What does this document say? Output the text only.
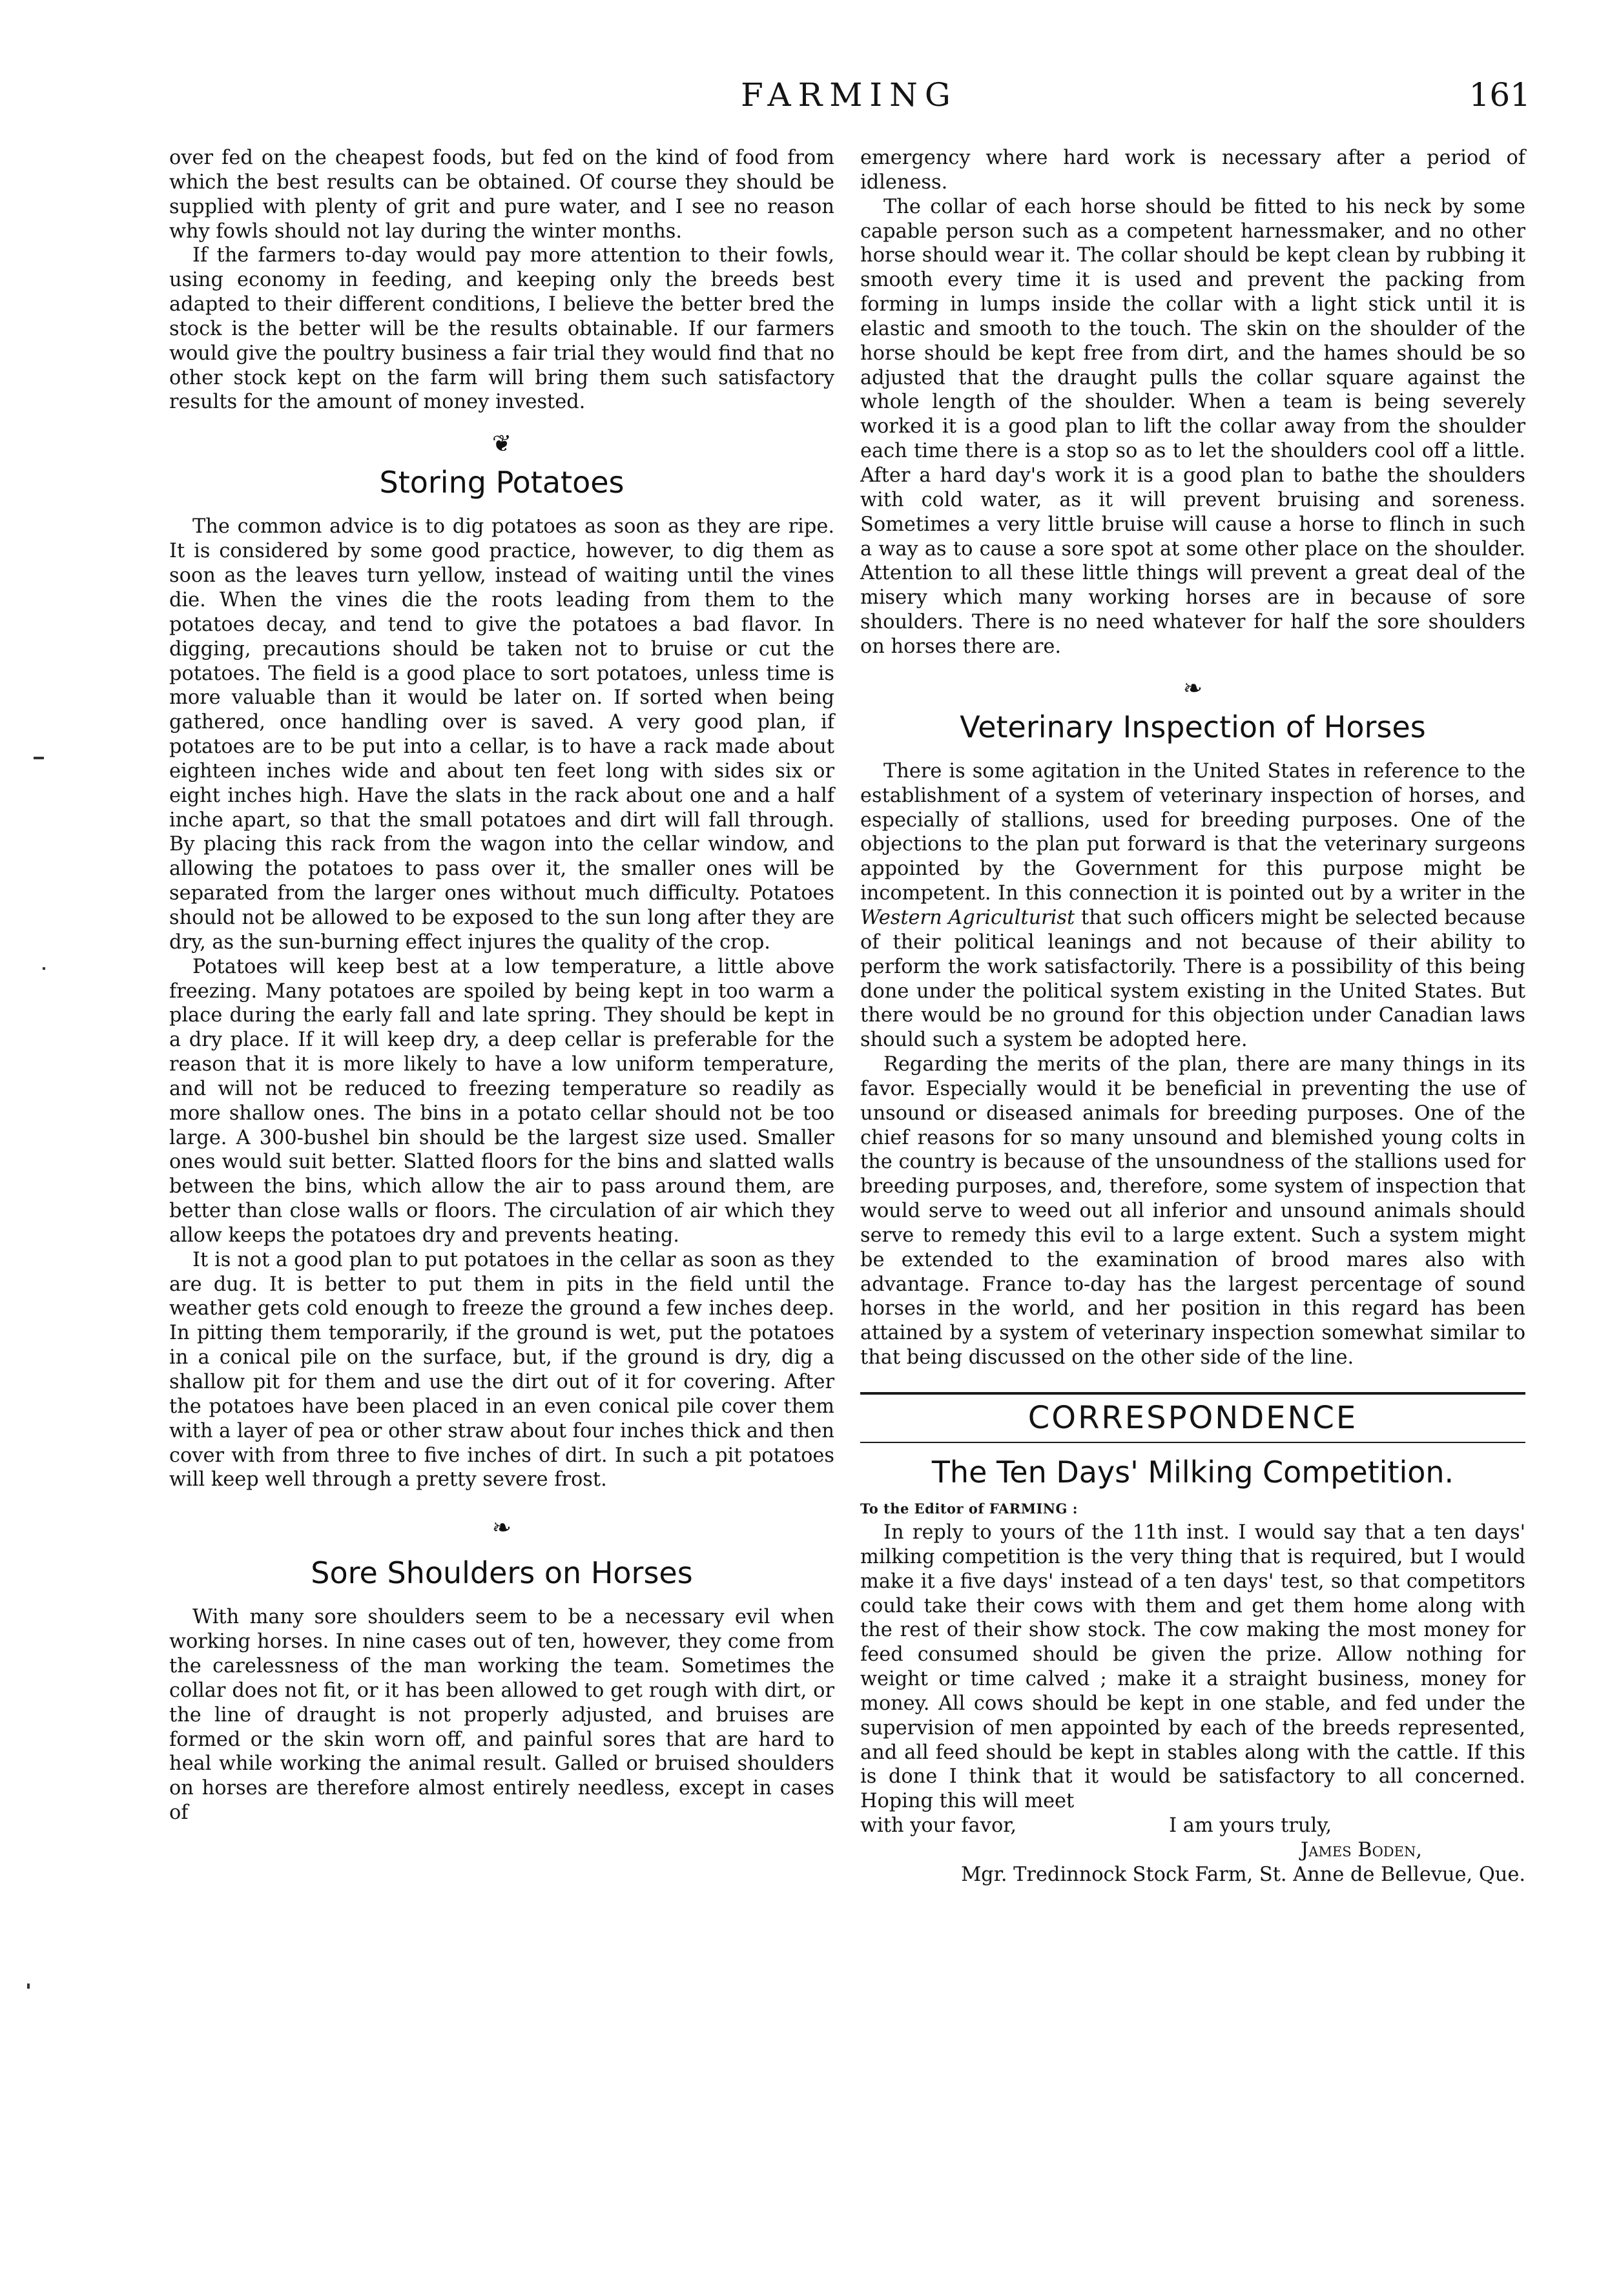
FARMING	161

over fed on the cheapest foods, but fed on the kind of food from which the best results can be obtained. Of course they should be supplied with plenty of grit and pure water, and I see no reason why fowls should not lay during the winter months.

If the farmers to-day would pay more attention to their fowls, using economy in feeding, and keeping only the breeds best adapted to their different conditions, I believe the better bred the stock is the better will be the results obtainable. If our farmers would give the poultry business a fair trial they would find that no other stock kept on the farm will bring them such satisfactory results for the amount of money invested.

❦
Storing Potatoes

The common advice is to dig potatoes as soon as they are ripe. It is considered by some good practice, however, to dig them as soon as the leaves turn yellow, instead of waiting until the vines die. When the vines die the roots leading from them to the potatoes decay, and tend to give the potatoes a bad flavor. In digging, precautions should be taken not to bruise or cut the potatoes. The field is a good place to sort potatoes, unless time is more valuable than it would be later on. If sorted when being gathered, once handling over is saved. A very good plan, if potatoes are to be put into a cellar, is to have a rack made about eighteen inches wide and about ten feet long with sides six or eight inches high. Have the slats in the rack about one and a half inche apart, so that the small potatoes and dirt will fall through. By placing this rack from the wagon into the cellar window, and allowing the potatoes to pass over it, the smaller ones will be separated from the larger ones without much difficulty. Potatoes should not be allowed to be exposed to the sun long after they are dry, as the sun-burning effect injures the quality of the crop.

Potatoes will keep best at a low temperature, a little above freezing. Many potatoes are spoiled by being kept in too warm a place during the early fall and late spring. They should be kept in a dry place. If it will keep dry, a deep cellar is preferable for the reason that it is more likely to have a low uniform temperature, and will not be reduced to freezing temperature so readily as more shallow ones. The bins in a potato cellar should not be too large. A 300-bushel bin should be the largest size used. Smaller ones would suit better. Slatted floors for the bins and slatted walls between the bins, which allow the air to pass around them, are better than close walls or floors. The circulation of air which they allow keeps the potatoes dry and prevents heating.

It is not a good plan to put potatoes in the cellar as soon as they are dug. It is better to put them in pits in the field until the weather gets cold enough to freeze the ground a few inches deep. In pitting them temporarily, if the ground is wet, put the potatoes in a conical pile on the surface, but, if the ground is dry, dig a shallow pit for them and use the dirt out of it for covering. After the potatoes have been placed in an even conical pile cover them with a layer of pea or other straw about four inches thick and then cover with from three to five inches of dirt. In such a pit potatoes will keep well through a pretty severe frost.

❧
Sore Shoulders on Horses

With many sore shoulders seem to be a necessary evil when working horses. In nine cases out of ten, however, they come from the carelessness of the man working the team. Sometimes the collar does not fit, or it has been allowed to get rough with dirt, or the line of draught is not properly adjusted, and bruises are formed or the skin worn off, and painful sores that are hard to heal while working the animal result. Galled or bruised shoulders on horses are therefore almost entirely needless, except in cases of

emergency where hard work is necessary after a period of idleness.

The collar of each horse should be fitted to his neck by some capable person such as a competent harnessmaker, and no other horse should wear it. The collar should be kept clean by rubbing it smooth every time it is used and prevent the packing from forming in lumps inside the collar with a light stick until it is elastic and smooth to the touch. The skin on the shoulder of the horse should be kept free from dirt, and the hames should be so adjusted that the draught pulls the collar square against the whole length of the shoulder. When a team is being severely worked it is a good plan to lift the collar away from the shoulder each time there is a stop so as to let the shoulders cool off a little. After a hard day's work it is a good plan to bathe the shoulders with cold water, as it will prevent bruising and soreness. Sometimes a very little bruise will cause a horse to flinch in such a way as to cause a sore spot at some other place on the shoulder. Attention to all these little things will prevent a great deal of the misery which many working horses are in because of sore shoulders. There is no need whatever for half the sore shoulders on horses there are.

❧
Veterinary Inspection of Horses

There is some agitation in the United States in reference to the establishment of a system of veterinary inspection of horses, and especially of stallions, used for breeding purposes. One of the objections to the plan put forward is that the veterinary surgeons appointed by the Government for this purpose might be incompetent. In this connection it is pointed out by a writer in the Western Agriculturist that such officers might be selected because of their political leanings and not because of their ability to perform the work satisfactorily. There is a possibility of this being done under the political system existing in the United States. But there would be no ground for this objection under Canadian laws should such a system be adopted here.

Regarding the merits of the plan, there are many things in its favor. Especially would it be beneficial in preventing the use of unsound or diseased animals for breeding purposes. One of the chief reasons for so many unsound and blemished young colts in the country is because of the unsoundness of the stallions used for breeding purposes, and, therefore, some system of inspection that would serve to weed out all inferior and unsound animals should serve to remedy this evil to a large extent. Such a system might be extended to the examination of brood mares also with advantage. France to-day has the largest percentage of sound horses in the world, and her position in this regard has been attained by a system of veterinary inspection somewhat similar to that being discussed on the other side of the line.

CORRESPONDENCE
The Ten Days' Milking Competition.
To the Editor of FARMING :

In reply to yours of the 11th inst. I would say that a ten days' milking competition is the very thing that is required, but I would make it a five days' instead of a ten days' test, so that competitors could take their cows with them and get them home along with the rest of their show stock. The cow making the most money for feed consumed should be given the prize. Allow nothing for weight or time calved ; make it a straight business, money for money. All cows should be kept in one stable, and fed under the supervision of men appointed by each of the breeds represented, and all feed should be kept in stables along with the cattle. If this is done I think that it would be satisfactory to all concerned. Hoping this will meet

with your favor,	I am yours truly,
James Boden,
Mgr. Tredinnock Stock Farm, St. Anne de Bellevue, Que.
